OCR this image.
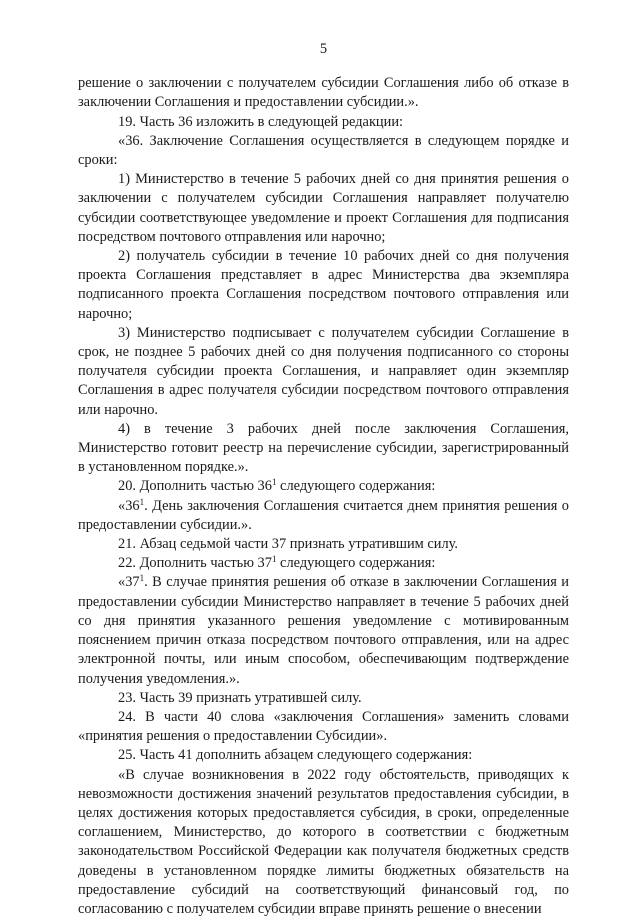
5

решение о заключении с получателем субсидии Соглашения либо об отказе в заключении Соглашения и предоставлении субсидии.».

19. Часть 36 изложить в следующей редакции:

«36. Заключение Соглашения осуществляется в следующем порядке и сроки:

1) Министерство в течение 5 рабочих дней со дня принятия решения о заключении с получателем субсидии Соглашения направляет получателю субсидии соответствующее уведомление и проект Соглашения для подписания посредством почтового отправления или нарочно;

2) получатель субсидии в течение 10 рабочих дней со дня получения проекта Соглашения представляет в адрес Министерства два экземпляра подписанного проекта Соглашения посредством почтового отправления или нарочно;

3) Министерство подписывает с получателем субсидии Соглашение в срок, не позднее 5 рабочих дней со дня получения подписанного со стороны получателя субсидии проекта Соглашения, и направляет один экземпляр Соглашения в адрес получателя субсидии посредством почтового отправления или нарочно.

4) в течение 3 рабочих дней после заключения Соглашения, Министерство готовит реестр на перечисление субсидии, зарегистрированный в установленном порядке.».

20. Дополнить частью $36^1$ следующего содержания:

«$36^1$. День заключения Соглашения считается днем принятия решения о предоставлении субсидии.».

21. Абзац седьмой части 37 признать утратившим силу.

22. Дополнить частью $37^1$ следующего содержания:

«$37^1$. В случае принятия решения об отказе в заключении Соглашения и предоставлении субсидии Министерство направляет в течение 5 рабочих дней со дня принятия указанного решения уведомление с мотивированным пояснением причин отказа посредством почтового отправления, или на адрес электронной почты, или иным способом, обеспечивающим подтверждение получения уведомления.».

23. Часть 39 признать утратившей силу.

24. В части 40 слова «заключения Соглашения» заменить словами «принятия решения о предоставлении Субсидии».

25. Часть 41 дополнить абзацем следующего содержания:

«В случае возникновения в 2022 году обстоятельств, приводящих к невозможности достижения значений результатов предоставления субсидии, в целях достижения которых предоставляется субсидия, в сроки, определенные соглашением, Министерство, до которого в соответствии с бюджетным законодательством Российской Федерации как получателя бюджетных средств доведены в установленном порядке лимиты бюджетных обязательств на предоставление субсидий на соответствующий финансовый год, по согласованию с получателем субсидии вправе принять решение о внесении
